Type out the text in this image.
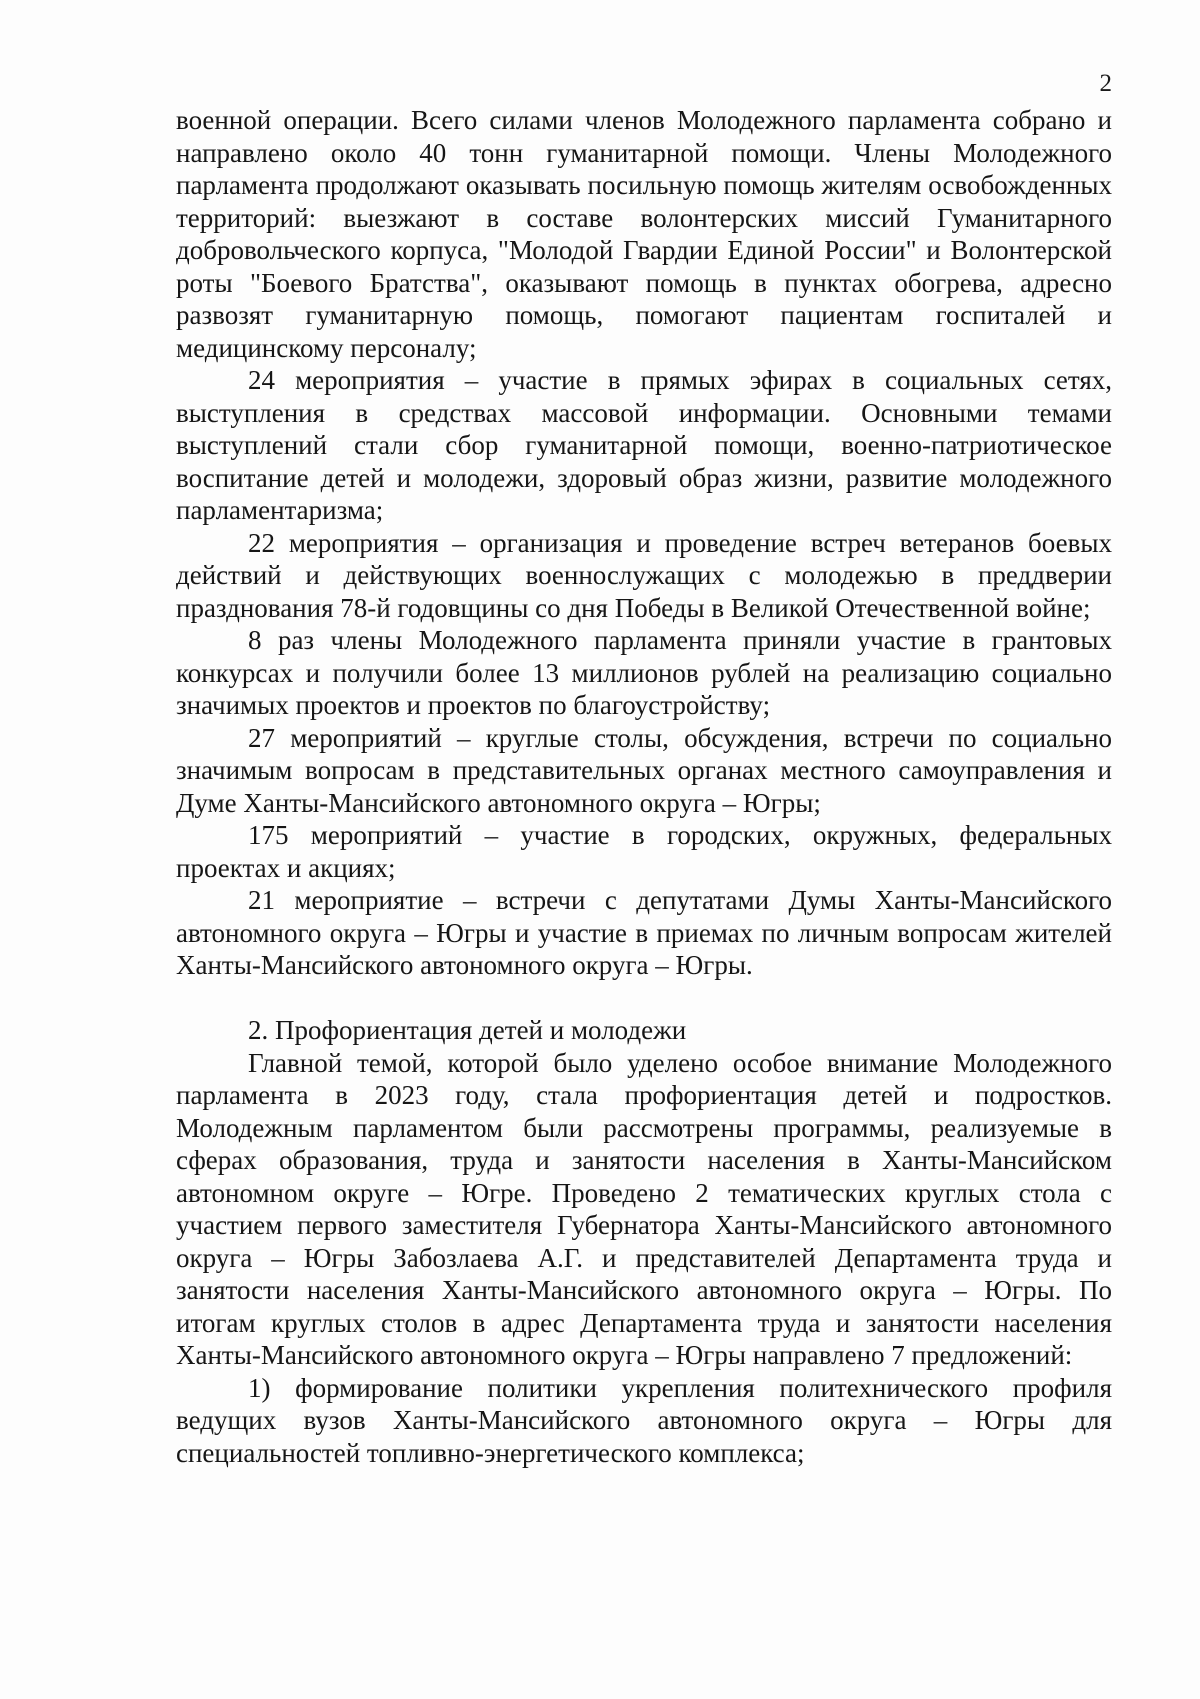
2

военной операции. Всего силами членов Молодежного парламента собрано и направлено около 40 тонн гуманитарной помощи. Члены Молодежного парламента продолжают оказывать посильную помощь жителям освобожденных территорий: выезжают в составе волонтерских миссий Гуманитарного добровольческого корпуса, "Молодой Гвардии Единой России" и Волонтерской роты "Боевого Братства", оказывают помощь в пунктах обогрева, адресно развозят гуманитарную помощь, помогают пациентам госпиталей и медицинскому персоналу;

24 мероприятия – участие в прямых эфирах в социальных сетях, выступления в средствах массовой информации. Основными темами выступлений стали сбор гуманитарной помощи, военно-патриотическое воспитание детей и молодежи, здоровый образ жизни, развитие молодежного парламентаризма;

22 мероприятия – организация и проведение встреч ветеранов боевых действий и действующих военнослужащих с молодежью в преддверии празднования 78-й годовщины со дня Победы в Великой Отечественной войне;

8 раз члены Молодежного парламента приняли участие в грантовых конкурсах и получили более 13 миллионов рублей на реализацию социально значимых проектов и проектов по благоустройству;

27 мероприятий – круглые столы, обсуждения, встречи по социально значимым вопросам в представительных органах местного самоуправления и Думе Ханты-Мансийского автономного округа – Югры;

175 мероприятий – участие в городских, окружных, федеральных проектах и акциях;

21 мероприятие – встречи с депутатами Думы Ханты-Мансийского автономного округа – Югры и участие в приемах по личным вопросам жителей Ханты-Мансийского автономного округа – Югры.

2. Профориентация детей и молодежи

Главной темой, которой было уделено особое внимание Молодежного парламента в 2023 году, стала профориентация детей и подростков. Молодежным парламентом были рассмотрены программы, реализуемые в сферах образования, труда и занятости населения в Ханты-Мансийском автономном округе – Югре. Проведено 2 тематических круглых стола с участием первого заместителя Губернатора Ханты-Мансийского автономного округа – Югры Забозлаева А.Г. и представителей Департамента труда и занятости населения Ханты-Мансийского автономного округа – Югры. По итогам круглых столов в адрес Департамента труда и занятости населения Ханты-Мансийского автономного округа – Югры направлено 7 предложений:

1) формирование политики укрепления политехнического профиля ведущих вузов Ханты-Мансийского автономного округа – Югры для специальностей топливно-энергетического комплекса;
